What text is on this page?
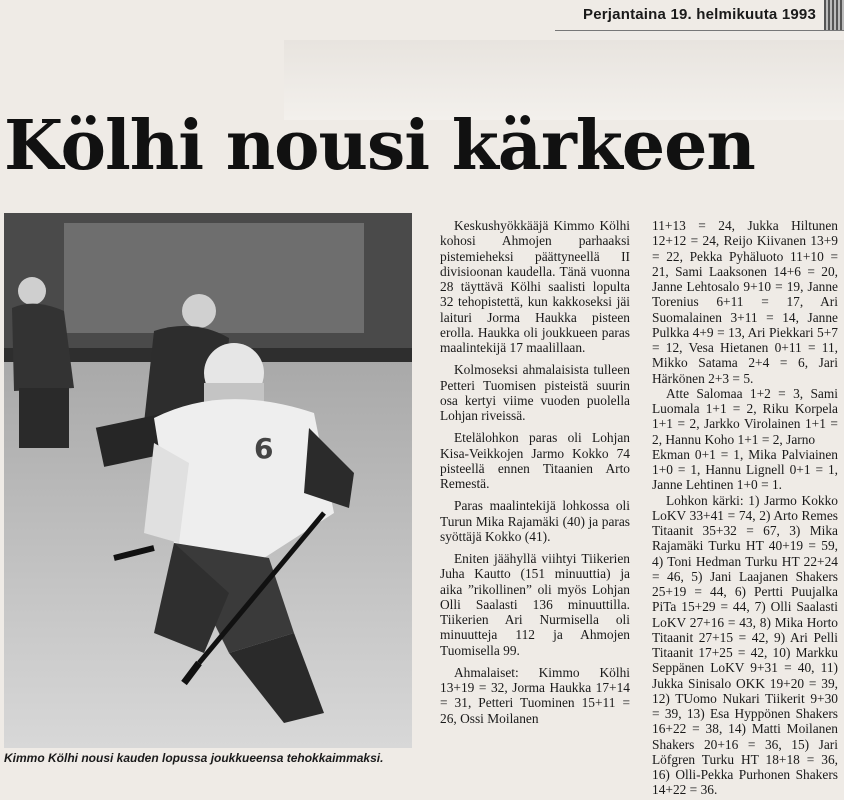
Perjantaina 19. helmikuuta 1993
Kölhi nousi kärkeen
6
Kimmo Kölhi nousi kauden lopussa joukkueensa tehokkaimmaksi.

Keskushyökkääjä Kimmo Kölhi kohosi Ahmojen parhaaksi pistemieheksi päättyneellä II divisioonan kaudella. Tänä vuonna 28 täyttävä Kölhi saalisti lopulta 32 tehopistettä, kun kakkoseksi jäi laituri Jorma Haukka pisteen erolla. Haukka oli joukkueen paras maalintekijä 17 maalillaan.

Kolmoseksi ahmalaisista tulleen Petteri Tuomisen pisteistä suurin osa kertyi viime vuoden puolella Lohjan riveissä.

Etelälohkon paras oli Lohjan Kisa-Veikkojen Jarmo Kokko 74 pisteellä ennen Titaanien Arto Remestä.

Paras maalintekijä lohkossa oli Turun Mika Rajamäki (40) ja paras syöttäjä Kokko (41).

Eniten jäähyllä viihtyi Tiikerien Juha Kautto (151 minuuttia) ja aika ”rikollinen” oli myös Lohjan Olli Saalasti 136 minuuttilla. Tiikerien Ari Nurmisella oli minuutteja 112 ja Ahmojen Tuomisella 99.

Ahmalaiset: Kimmo Kölhi 13+19 = 32, Jorma Haukka 17+14 = 31, Petteri Tuominen 15+11 = 26, Ossi Moilanen

11+13 = 24, Jukka Hiltunen 12+12 = 24, Reijo Kiivanen 13+9 = 22, Pekka Pyhäluoto 11+10 = 21, Sami Laaksonen 14+6 = 20, Janne Lehtosalo 9+10 = 19, Janne Torenius 6+11 = 17, Ari Suomalainen 3+11 = 14, Janne Pulkka 4+9 = 13, Ari Piekkari 5+7 = 12, Vesa Hietanen 0+11 = 11, Mikko Satama 2+4 = 6, Jari Härkönen 2+3 = 5.

Atte Salomaa 1+2 = 3, Sami Luomala 1+1 = 2, Riku Korpela 1+1 = 2, Jarkko Virolainen 1+1 = 2, Hannu Koho 1+1 = 2, Jarno

Ekman 0+1 = 1, Mika Palviainen 1+0 = 1, Hannu Lignell 0+1 = 1, Janne Lehtinen 1+0 = 1.

Lohkon kärki: 1) Jarmo Kokko LoKV 33+41 = 74, 2) Arto Remes Titaanit 35+32 = 67, 3) Mika Rajamäki Turku HT 40+19 = 59, 4) Toni Hedman Turku HT 22+24 = 46, 5) Jani Laajanen Shakers 25+19 = 44, 6) Pertti Puujalka PiTa 15+29 = 44, 7) Olli Saalasti LoKV 27+16 = 43, 8) Mika Horto Titaanit 27+15 = 42, 9) Ari Pelli Titaanit 17+25 = 42, 10) Markku Seppänen LoKV 9+31 = 40, 11) Jukka Sinisalo OKK 19+20 = 39, 12) TUomo Nukari Tiikerit 9+30 = 39, 13) Esa Hyppönen Shakers 16+22 = 38, 14) Matti Moilanen Shakers 20+16 = 36, 15) Jari Löfgren Turku HT 18+18 = 36, 16) Olli-Pekka Purhonen Shakers 14+22 = 36.
